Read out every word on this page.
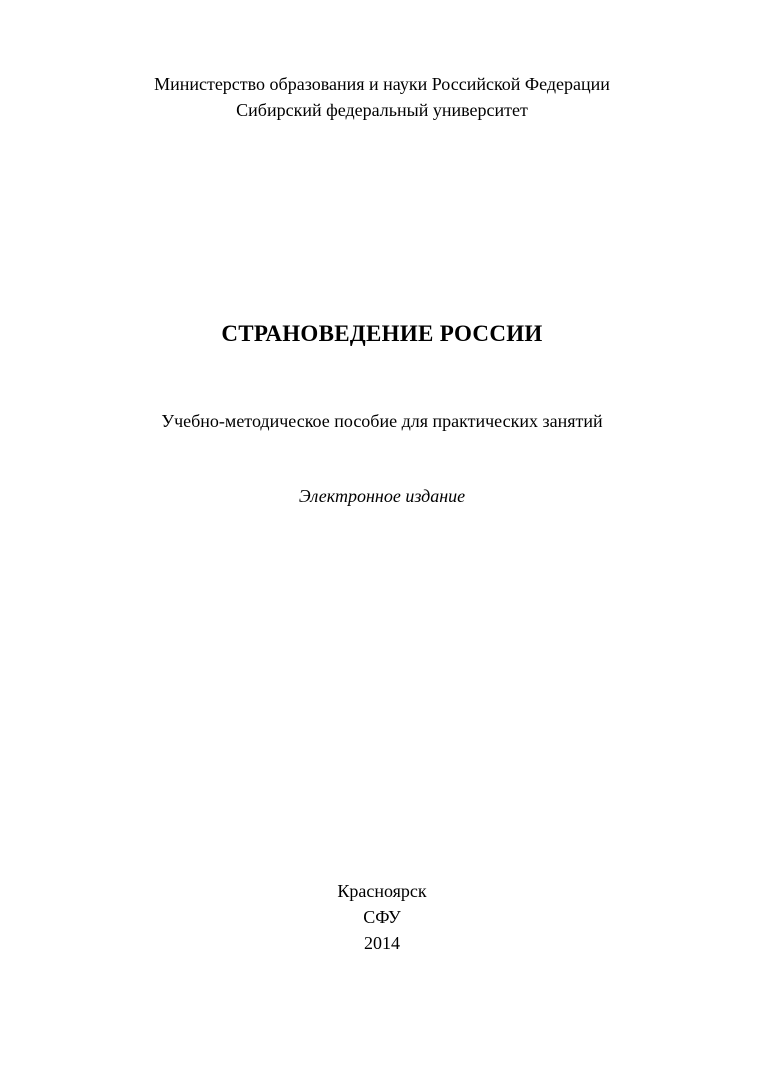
Министерство образования и науки Российской Федерации
Сибирский федеральный университет
СТРАНОВЕДЕНИЕ РОССИИ
Учебно-методическое пособие для практических занятий
Электронное издание
Красноярск
СФУ
2014
